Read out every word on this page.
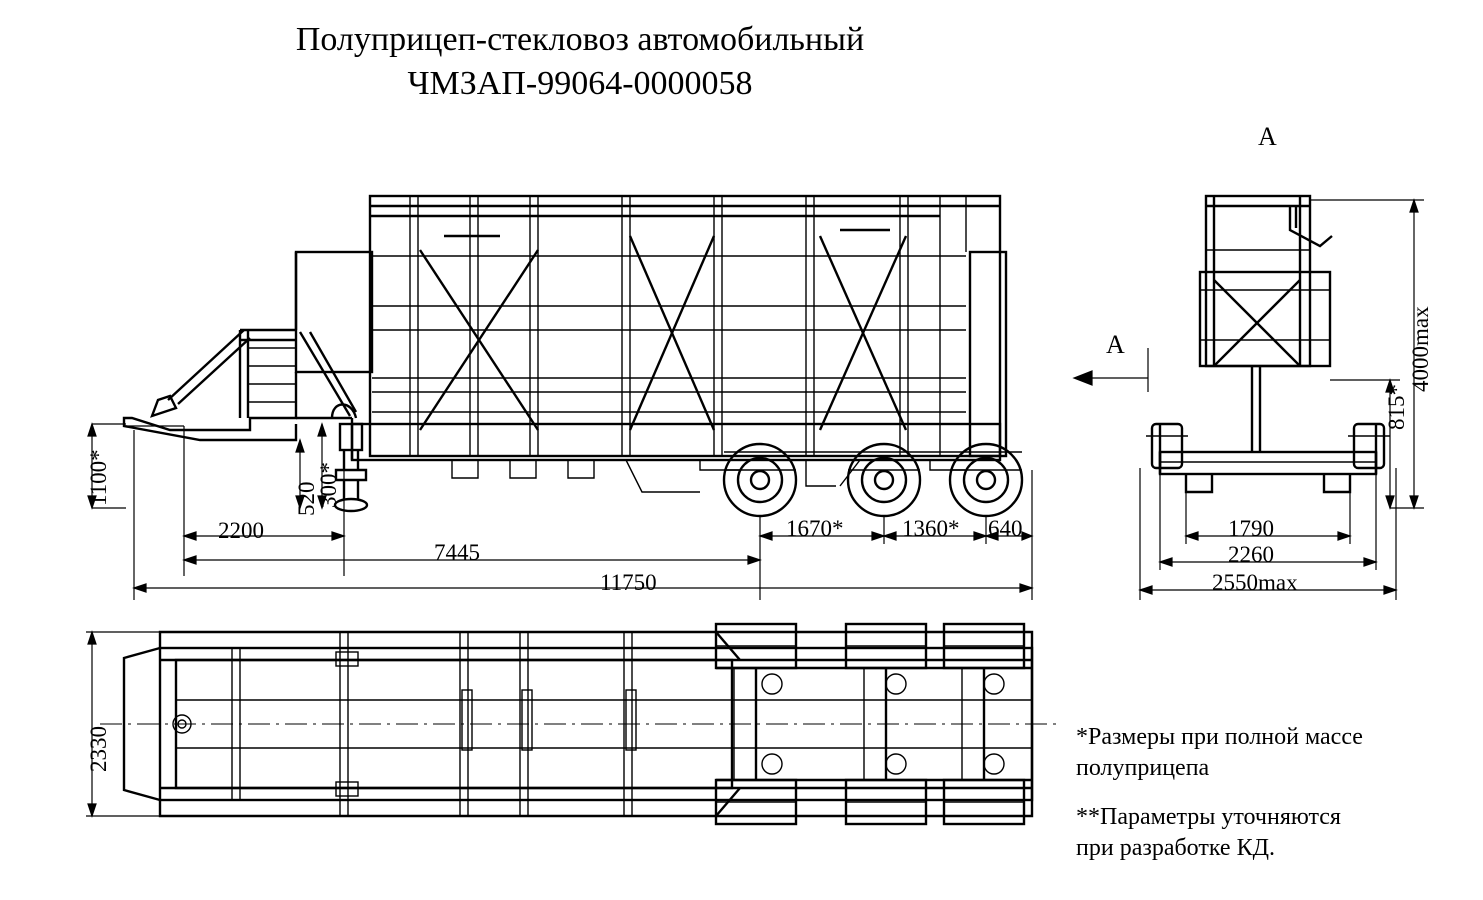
Полуприцеп-стекловоз автомобильный
ЧМЗАП-99064-0000058
А
А
1100*	520
300*
2200
7445
1670*	1360* 640
11750
4000max
815*
1790
2260
2550max
2330	*Размеры при полной массе
полуприцепа
**Параметры уточняются
при разработке КД.
